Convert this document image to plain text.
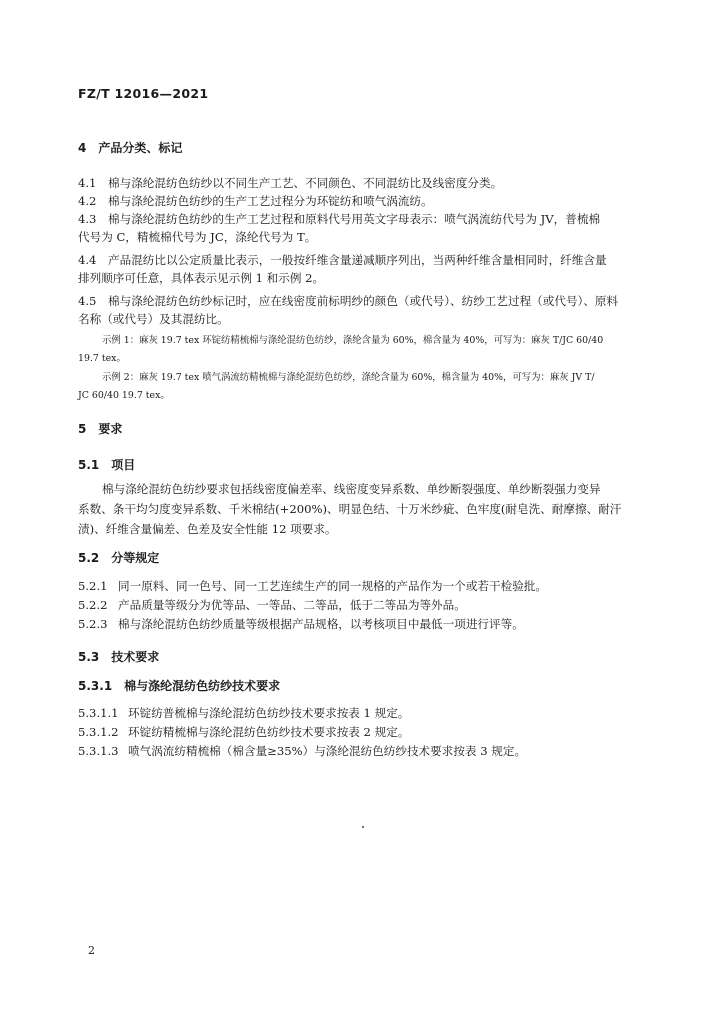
FZ/T 12016—2021
4　产品分类、标记
4.1 棉与涤纶混纺色纺纱以不同生产工艺、不同颜色、不同混纺比及线密度分类。
4.2 棉与涤纶混纺色纺纱的生产工艺过程分为环锭纺和喷气涡流纺。
4.3 棉与涤纶混纺色纺纱的生产工艺过程和原料代号用英文字母表示：喷气涡流纺代号为 JV，普梳棉
代号为 C，精梳棉代号为 JC，涤纶代号为 T。
4.4 产品混纺比以公定质量比表示，一般按纤维含量递减顺序列出，当两种纤维含量相同时，纤维含量
排列顺序可任意，具体表示见示例 1 和示例 2。
4.5 棉与涤纶混纺色纺纱标记时，应在线密度前标明纱的颜色（或代号）、纺纱工艺过程（或代号）、原料
名称（或代号）及其混纺比。
示例 1：麻灰 19.7 tex 环锭纺精梳棉与涤纶混纺色纺纱，涤纶含量为 60%，棉含量为 40%，可写为：麻灰 T/JC 60/40
19.7 tex。
示例 2：麻灰 19.7 tex 喷气涡流纺精梳棉与涤纶混纺色纺纱，涤纶含量为 60%，棉含量为 40%，可写为：麻灰 JV T/
JC 60/40 19.7 tex。
5　要求
5.1　项目
棉与涤纶混纺色纺纱要求包括线密度偏差率、线密度变异系数、单纱断裂强度、单纱断裂强力变异
系数、条干均匀度变异系数、千米棉结(+200%)、明显色结、十万米纱疵、色牢度(耐皂洗、耐摩擦、耐汗
渍)、纤维含量偏差、色差及安全性能 12 项要求。
5.2　分等规定
5.2.1 同一原料、同一色号、同一工艺连续生产的同一规格的产品作为一个或若干检验批。
5.2.2 产品质量等级分为优等品、一等品、二等品，低于二等品为等外品。
5.2.3 棉与涤纶混纺色纺纱质量等级根据产品规格，以考核项目中最低一项进行评等。
5.3　技术要求
5.3.1　棉与涤纶混纺色纺纱技术要求
5.3.1.1 环锭纺普梳棉与涤纶混纺色纺纱技术要求按表 1 规定。
5.3.1.2 环锭纺精梳棉与涤纶混纺色纺纱技术要求按表 2 规定。
5.3.1.3 喷气涡流纺精梳棉（棉含量≥35%）与涤纶混纺色纺纱技术要求按表 3 规定。
2
